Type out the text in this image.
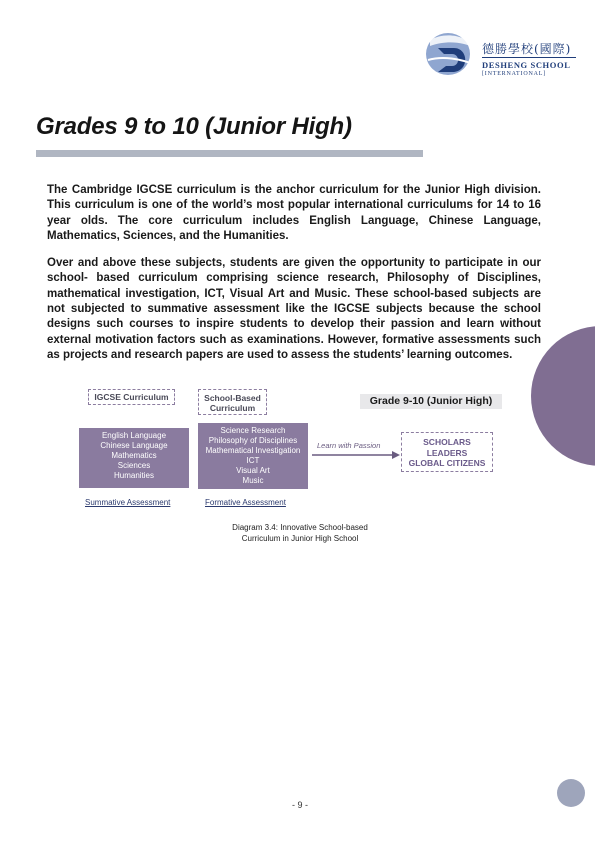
德勝學校(國際)
DESHENG SCHOOL
[INTERNATIONAL]
Grades 9 to 10 (Junior High)

The Cambridge IGCSE curriculum is the anchor curriculum for the Junior High division. This curriculum is one of the world’s most popular international curriculums for 14 to 16 year olds. The core curriculum includes English Language, Chinese Language, Mathematics, Sciences, and the Humanities.

Over and above these subjects, students are given the opportunity to participate in our school- based curriculum comprising science research, Philosophy of Disciplines, mathematical investigation, ICT, Visual Art and Music. These school-based subjects are not subjected to summative assessment like the IGCSE subjects because the school designs such courses to inspire students to develop their passion and learn without external motivation factors such as examinations. However, formative assessments such as projects and research papers are used to assess the students’ learning outcomes.

IGCSE Curriculum	School-Based
Curriculum
Grade 9-10 (Junior High)
English Language
Chinese Language
Mathematics
Sciences
Humanities
Science Research
Philosophy of Disciplines
Mathematical Investigation
ICT
Visual Art
Music
Learn with Passion	SCHOLARS
LEADERS
GLOBAL CITIZENS
Summative Assessment	Formative Assessment
Diagram 3.4: Innovative School-based
Curriculum in Junior High School
- 9 -
